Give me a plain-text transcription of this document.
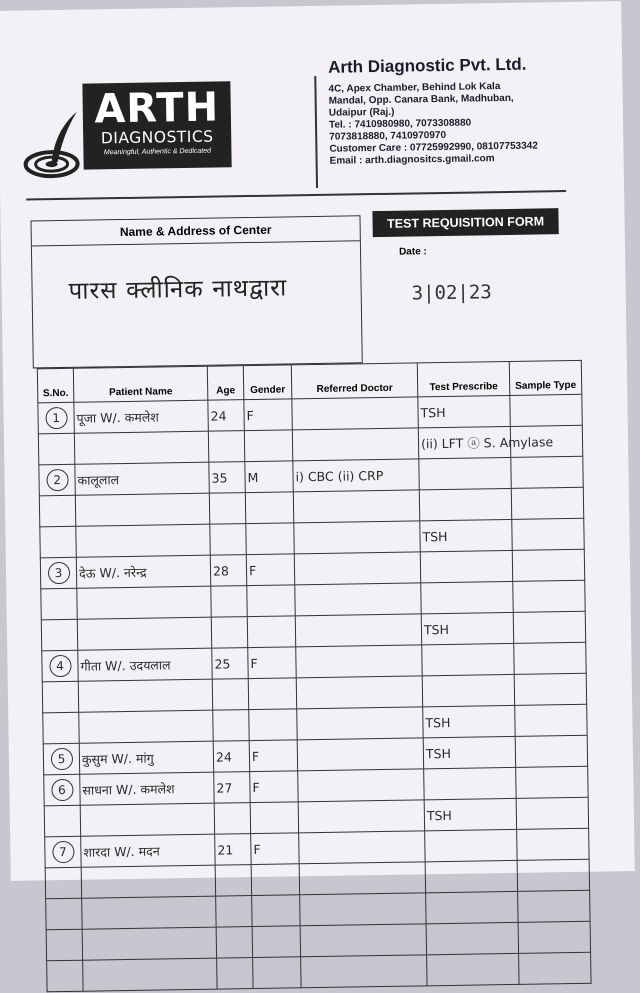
ARTH
DIAGNOSTICS
Meaningful, Authentic & Dedicated
Arth Diagnostic Pvt. Ltd.
4C, Apex Chamber, Behind Lok Kala
Mandal, Opp. Canara Bank, Madhuban,
Udaipur (Raj.)
Tel. : 7410980980, 7073308880
7073818880, 7410970970
Customer Care : 07725992990, 08107753342
Email : arth.diagnositcs.gmail.com
Name & Address of Center
पारस क्लीनिक नाथद्वारा
TEST REQUISITION FORM
Date :
3|02|23
S.No.	Patient Name	Age	Gender	Referred Doctor	Test Prescribe	Sample Type
1	पूजा W/. कमलेश	24	F		TSH	
					(ii) LFT ⓐ S. Amylase	
2	कालूलाल	35	M	i) CBC (ii) CRP		

					TSH	
3	देऊ W/. नरेन्द्र	28	F			

					TSH	
4	गीता W/. उदयलाल	25	F			

					TSH	
5	कुसुम W/. मांगु	24	F		TSH	
6	साधना W/. कमलेश	27	F			
					TSH	
7	शारदा W/. मदन	21	F			
